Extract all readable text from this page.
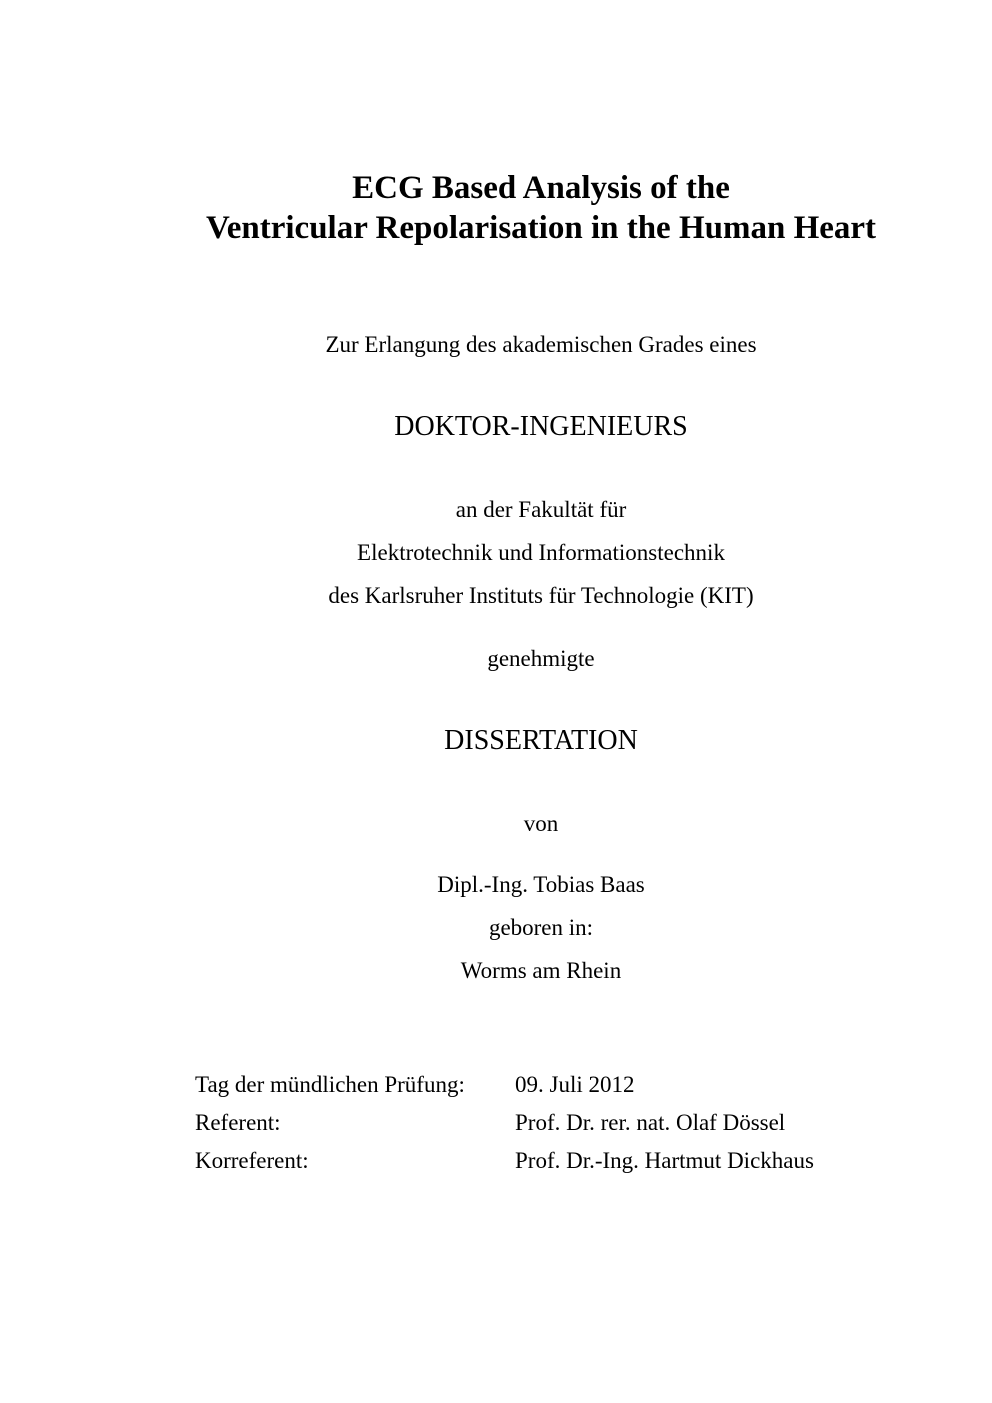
ECG Based Analysis of the
Ventricular Repolarisation in the Human Heart
Zur Erlangung des akademischen Grades eines
DOKTOR-INGENIEURS
an der Fakultät für
Elektrotechnik und Informationstechnik
des Karlsruher Instituts für Technologie (KIT)
genehmigte
DISSERTATION
von
Dipl.-Ing. Tobias Baas
geboren in:
Worms am Rhein
Tag der mündlichen Prüfung: 09. Juli 2012
Referent:	Prof. Dr. rer. nat. Olaf Dössel
Korreferent:	Prof. Dr.-Ing. Hartmut Dickhaus
